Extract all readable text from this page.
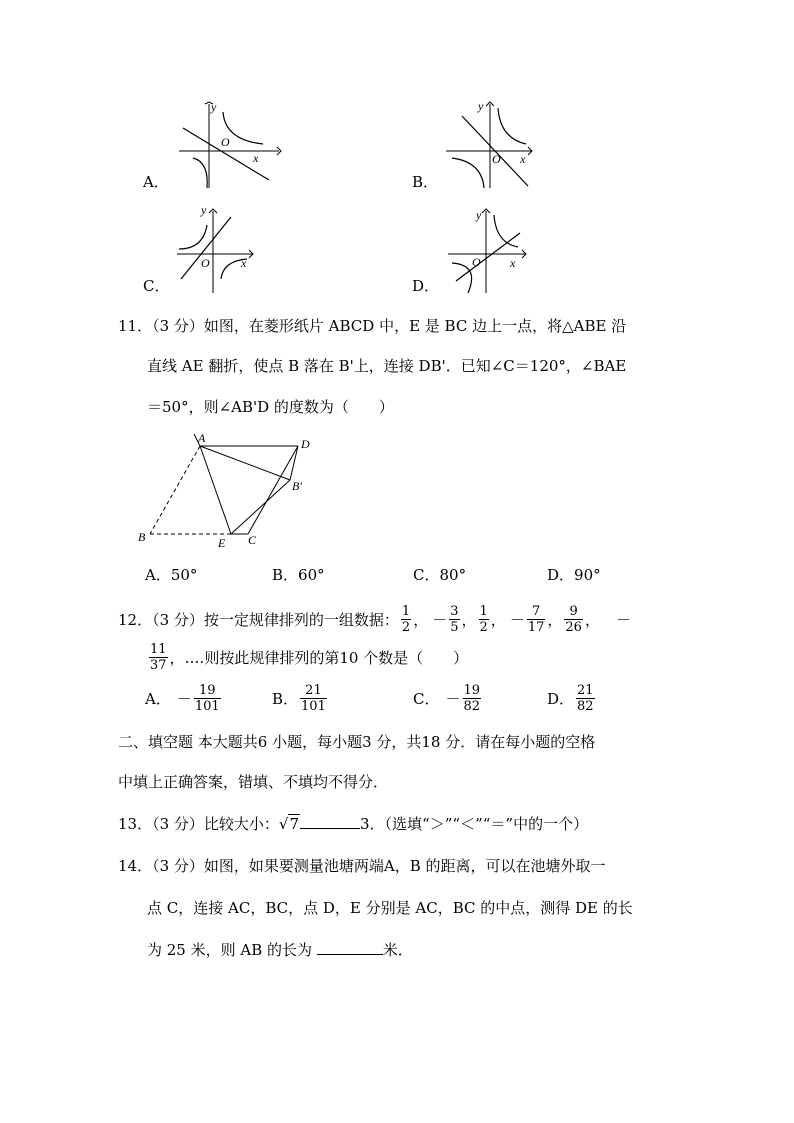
A．
y
O
x
B．
y
O x
C．
y
O	x
D．
y
O x
11．（3 分）如图，在菱形纸片 ABCD 中，E 是 BC 边上一点，将△ABE 沿
直线 AE 翻折，使点 B 落在 B'上，连接 DB'．已知∠C＝120°，∠BAE
＝50°，则∠AB'D 的度数为（　　）
A	D
B′
B	E C
A．50°	B．60°	C．80°	D．90°
12．（3 分）按一定规律排列的一组数据： $\frac{1}{2}$ ， － $\frac{3}{5}$ ， $\frac{1}{2}$ ， － $\frac{7}{17}$ ， $\frac{9}{26}$ ， －
$\frac{11}{37}$ ，….则按此规律排列的第10 个数是（　　）
A． － $\frac{19}{101}$	B． $\frac{21}{101}$	C． － $\frac{19}{82}$	D． $\frac{21}{82}$
二、填空题 本大题共6 小题，每小题3 分，共18 分．请在每小题的空格
中填上正确答案，错填、不填均不得分．
13．（3 分）比较大小：√7	3．（选填“＞”“＜”“＝”中的一个）
14．（3 分）如图，如果要测量池塘两端A，B 的距离，可以在池塘外取一
点 C，连接 AC，BC，点 D，E 分别是 AC，BC 的中点，测得 DE 的长
为 25 米，则 AB 的长为	米．
